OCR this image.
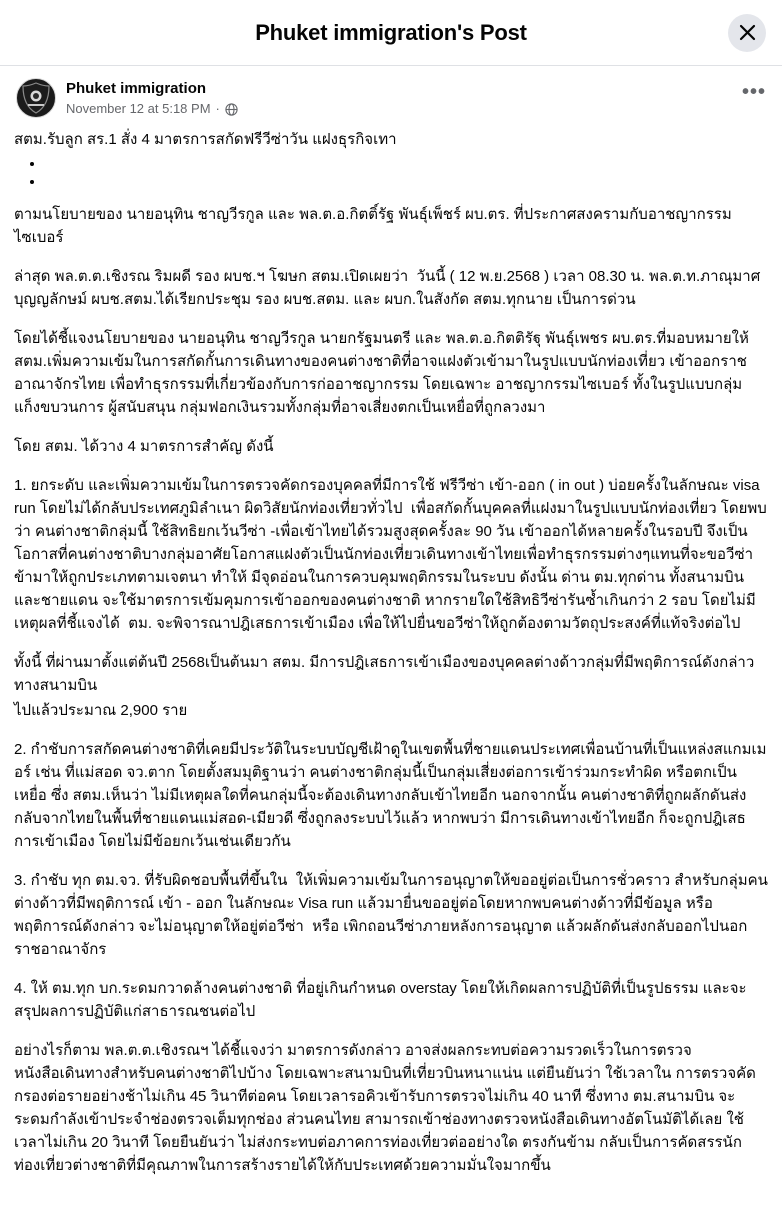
Phuket immigration's Post
Phuket immigration
November 12 at 5:18 PM ·
•••

สตม.รับลูก สร.1 สั่ง 4 มาตรการสกัดฟรีวีซ่าวัน แฝงธุรกิจเทา

ตามนโยบายของ นายอนุทิน ชาญวีรกูล และ พล.ต.อ.กิตติ์รัฐ พันธุ์เพ็ชร์ ผบ.ตร. ที่ประกาศสงครามกับอาชญากรรมไซเบอร์

ล่าสุด พล.ต.ต.เชิงรณ ริมผดี รอง ผบช.ฯ โฆษก สตม.เปิดเผยว่า  วันนี้ ( 12 พ.ย.2568 ) เวลา 08.30 น. พล.ต.ท.ภาณุมาศ บุญญลักษม์ ผบช.สตม.ได้เรียกประชุม รอง ผบช.สตม. และ ผบก.ในสังกัด สตม.ทุกนาย เป็นการด่วน

โดยได้ชี้แจงนโยบายของ นายอนุทิน ชาญวีรกูล นายกรัฐมนตรี และ พล.ต.อ.กิตติรัฐุ พันธุ์เพชร ผบ.ตร.ที่มอบหมายให้ สตม.เพิ่มความเข้มในการสกัดกั้นการเดินทางของคนต่างชาติที่อาจแฝงตัวเข้ามาในรูปแบบนักท่องเที่ยว เข้าออกราชอาณาจักรไทย เพื่อทำธุรกรรมที่เกี่ยวข้องกับการก่ออาชญากรรม โดยเฉพาะ อาชญากรรมไซเบอร์ ทั้งในรูปแบบกลุ่มแก็งขบวนการ ผู้สนับสนุน กลุ่มฟอกเงินรวมทั้งกลุ่มที่อาจเสี่ยงตกเป็นเหยื่อที่ถูกลวงมา

โดย สตม. ได้วาง 4 มาตรการสำคัญ ดังนี้

1. ยกระดับ และเพิ่มความเข้มในการตรวจคัดกรองบุคคลที่มีการใช้ ฟรีวีซ่า เข้า-ออก ( in out ) บ่อยครั้งในลักษณะ visa run โดยไม่ได้กลับประเทศภูมิลำเนา ผิดวิสัยนักท่องเที่ยวทั่วไป  เพื่อสกัดกั้นบุคคลที่แฝงมาในรูปแบบนักท่องเที่ยว โดยพบว่า คนต่างชาติกลุ่มนี้ ใช้สิทธิยกเว้นวีซ่า -เพื่อเข้าไทยได้รวมสูงสุดครั้งละ 90 วัน เข้าออกได้หลายครั้งในรอบปี จึงเป็นโอกาสที่คนต่างชาติบางกลุ่มอาศัยโอกาสแฝงตัวเป็นนักท่องเที่ยวเดินทางเข้าไทยเพื่อทำธุรกรรมต่างๆแทนที่จะขอวีซ่าข้ามาให้ถูกประเภทตามเจตนา ทำให้ มีจุดอ่อนในการควบคุมพฤติกรรมในระบบ ดังนั้น ด่าน ตม.ทุกด่าน ทั้งสนามบิน และชายแดน จะใช้มาตรการเข้มคุมการเข้าออกของคนต่างชาติ หากรายใดใช้สิทธิวีซ่ารันซ้ำเกินกว่า 2 รอบ โดยไม่มีเหตุผลที่ชี้แจงได้  ตม. จะพิจารณาปฎิเสธการเข้าเมือง เพื่อให้ไปยื่นขอวีซ่าให้ถูกต้องตามวัตถุประสงค์ที่แท้จริงต่อไป

ทั้งนี้ ที่ผ่านมาตั้งแต่ต้นปี 2568เป็นต้นมา สตม. มีการปฎิเสธการเข้าเมืองของบุคคลต่างด้าวกลุ่มที่มีพฤติการณ์ดังกล่าว ทางสนามบิน

ไปแล้วประมาณ 2,900 ราย

2. กำชับการสกัดคนต่างชาติที่เคยมีประวัติในระบบบัญชีเฝ้าดูในเขตพื้นที่ชายแดนประเทศเพื่อนบ้านที่เป็นแหล่งสแกมเมอร์ เช่น ที่แม่สอด จว.ตาก โดยตั้งสมมุติฐานว่า คนต่างชาติกลุ่มนี้เป็นกลุ่มเสี่ยงต่อการเข้าร่วมกระทำผิด หรือตกเป็นเหยื่อ ซึ่ง สตม.เห็นว่า ไม่มีเหตุผลใดที่คนกลุ่มนี้จะต้องเดินทางกลับเข้าไทยอีก นอกจากนั้น คนต่างชาติที่ถูกผลักดันส่งกลับจากไทยในพื้นที่ชายแดนแม่สอด-เมียวดี ซึ่งถูกลงระบบไว้แล้ว หากพบว่า มีการเดินทางเข้าไทยอีก ก็จะถูกปฎิเสธการเข้าเมือง โดยไม่มีข้อยกเว้นเช่นเดียวกัน

3. กำชับ ทุก ตม.จว. ที่รับผิดชอบพื้นที่ขึ้นใน  ให้เพิ่มความเข้มในการอนุญาตให้ขออยู่ต่อเป็นการชั่วคราว สำหรับกลุ่มคนต่างด้าวที่มีพฤติการณ์ เข้า - ออก ในลักษณะ Visa run แล้วมายื่นขออยู่ต่อโดยหากพบคนต่างด้าวที่มีข้อมูล หรือ พฤติการณ์ดังกล่าว จะไม่อนุญาตให้อยู่ต่อวีซ่า  หรือ เพิกถอนวีซ่าภายหลังการอนุญาต แล้วผลักดันส่งกลับออกไปนอกราชอาณาจักร

4. ให้ ตม.ทุก บก.ระดมกวาดล้างคนต่างชาติ ที่อยู่เกินกำหนด overstay โดยให้เกิดผลการปฏิบัติที่เป็นรูปธรรม และจะสรุปผลการปฏิบัติแก่สาธารณชนต่อไป

อย่างไรก็ตาม พล.ต.ต.เชิงรณฯ ได้ชี้แจงว่า มาตรการดังกล่าว อาจส่งผลกระทบต่อความรวดเร็วในการตรวจหนังสือเดินทางสำหรับคนต่างชาติไปบ้าง โดยเฉพาะสนามบินที่เที่ยวบินหนาแน่น แต่ยืนยันว่า ใช้เวลาใน การตรวจคัดกรองต่อรายอย่างช้าไม่เกิน 45 วินาทีต่อคน โดยเวลารอคิวเข้ารับการตรวจไม่เกิน 40 นาที ซึ่งทาง ตม.สนามบิน จะระดมกำลังเข้าประจำช่องตรวจเต็มทุกช่อง ส่วนคนไทย สามารถเข้าช่องทางตรวจหนังสือเดินทางอัตโนมัติได้เลย ใช้เวลาไม่เกิน 20 วินาที โดยยืนยันว่า ไม่ส่งกระทบต่อภาคการท่องเที่ยวต่ออย่างใด ตรงกันข้าม กลับเป็นการคัดสรรนักท่องเที่ยวต่างชาติที่มีคุณภาพในการสร้างรายได้ให้กับประเทศด้วยความมั่นใจมากขึ้น
